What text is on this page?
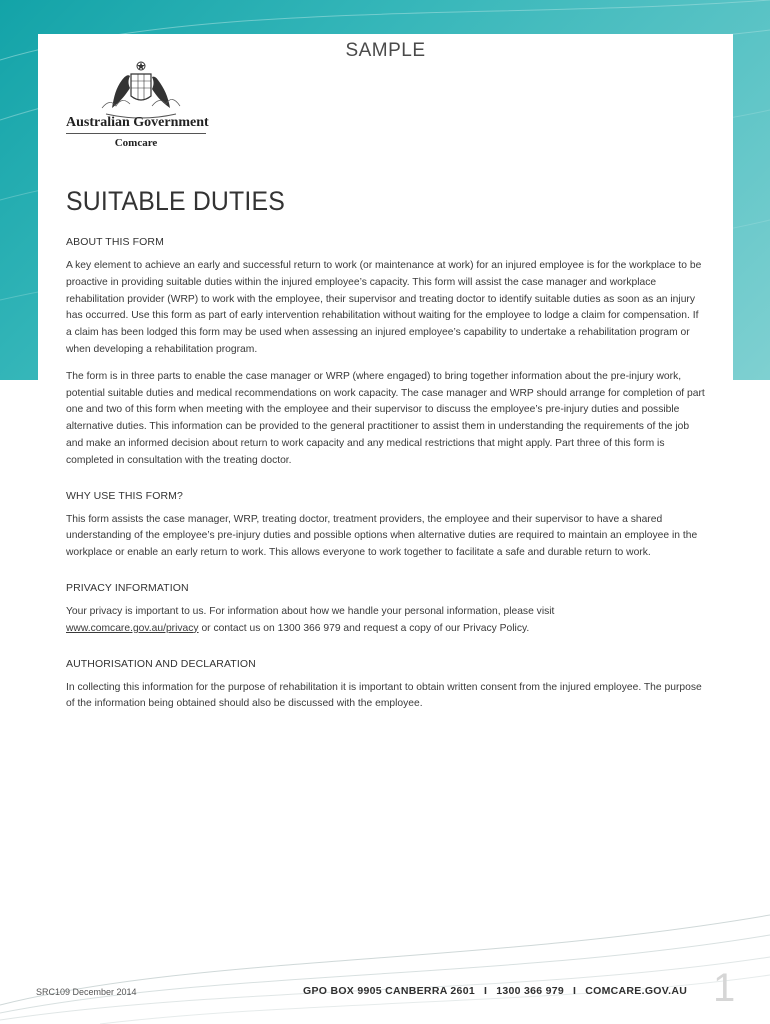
SAMPLE
Australian Government
Comcare
SUITABLE DUTIES
ABOUT THIS FORM

A key element to achieve an early and successful return to work (or maintenance at work) for an injured employee is for the workplace to be proactive in providing suitable duties within the injured employee’s capacity. This form will assist the case manager and workplace rehabilitation provider (WRP) to work with the employee, their supervisor and treating doctor to identify suitable duties as soon as an injury has occurred. Use this form as part of early intervention rehabilitation without waiting for the employee to lodge a claim for compensation. If a claim has been lodged this form may be used when assessing an injured employee’s capability to undertake a rehabilitation program or when developing a rehabilitation program.

The form is in three parts to enable the case manager or WRP (where engaged) to bring together information about the pre-injury work, potential suitable duties and medical recommendations on work capacity. The case manager and WRP should arrange for completion of part one and two of this form when meeting with the employee and their supervisor to discuss the employee’s pre-injury duties and possible alternative duties. This information can be provided to the general practitioner to assist them in understanding the requirements of the job and make an informed decision about return to work capacity and any medical restrictions that might apply. Part three of this form is completed in consultation with the treating doctor.

WHY USE THIS FORM?

This form assists the case manager, WRP, treating doctor, treatment providers, the employee and their supervisor to have a shared understanding of the employee’s pre-injury duties and possible options when alternative duties are required to maintain an employee in the workplace or enable an early return to work. This allows everyone to work together to facilitate a safe and durable return to work.

PRIVACY INFORMATION

Your privacy is important to us. For information about how we handle your personal information, please visit
www.comcare.gov.au/privacy or contact us on 1300 366 979 and request a copy of our Privacy Policy.

AUTHORISATION AND DECLARATION

In collecting this information for the purpose of rehabilitation it is important to obtain written consent from the injured employee. The purpose of the information being obtained should also be discussed with the employee.

SRC109 December 2014	GPO BOX 9905 CANBERRA 2601 I 1300 366 979 I COMCARE.GOV.AU 1
